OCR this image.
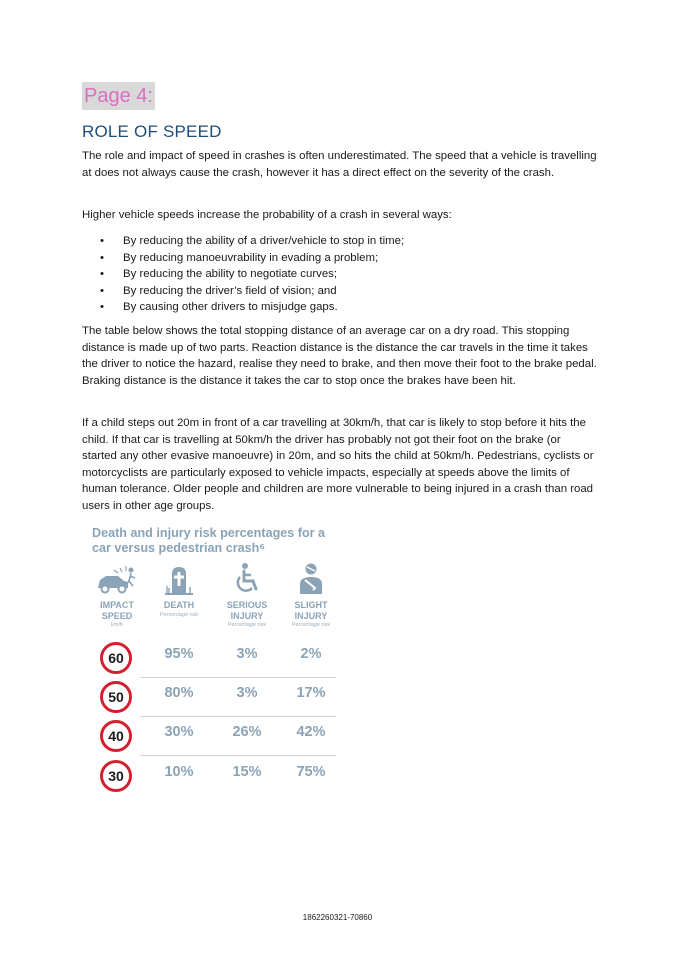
Page 4:
ROLE OF SPEED

The role and impact of speed in crashes is often underestimated. The speed that a vehicle is travelling at does not always cause the crash, however it has a direct effect on the severity of the crash.

Higher vehicle speeds increase the probability of a crash in several ways:

• By reducing the ability of a driver/vehicle to stop in time;
• By reducing manoeuvrability in evading a problem;
• By reducing the ability to negotiate curves;
• By reducing the driver’s field of vision; and
• By causing other drivers to misjudge gaps.

The table below shows the total stopping distance of an average car on a dry road. This stopping distance is made up of two parts. Reaction distance is the distance the car travels in the time it takes the driver to notice the hazard, realise they need to brake, and then move their foot to the brake pedal. Braking distance is the distance it takes the car to stop once the brakes have been hit.

If a child steps out 20m in front of a car travelling at 30km/h, that car is likely to stop before it hits the child. If that car is travelling at 50km/h the driver has probably not got their foot on the brake (or started any other evasive manoeuvre) in 20m, and so hits the child at 50km/h. Pedestrians, cyclists or motorcyclists are particularly exposed to vehicle impacts, especially at speeds above the limits of human tolerance. Older people and children are more vulnerable to being injured in a crash than road users in other age groups.

Death and injury risk percentages for a car versus pedestrian crash⁶

IMPACT SPEED
km/h
DEATH
Percentage risk
SERIOUS INJURY
Percentage risk
SLIGHT INJURY
Percentage risk
60	95%	3%	2%
50	80%	3%	17%
40	30%	26%	42%
30	10%	15%	75%
1862260321-70860
